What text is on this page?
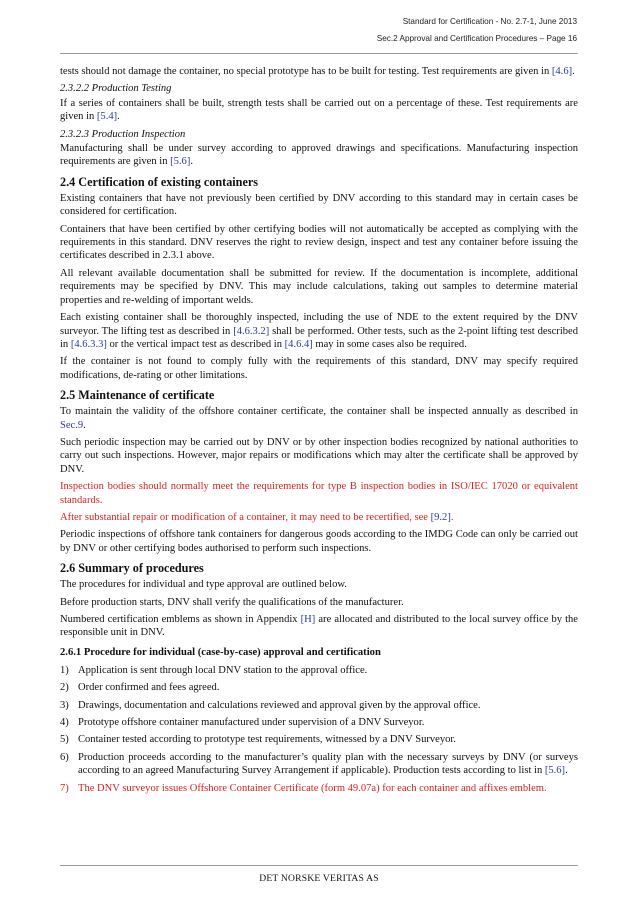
Standard for Certification - No. 2.7-1, June 2013
Sec.2 Approval and Certification Procedures – Page 16

tests should not damage the container, no special prototype has to be built for testing. Test requirements are given in [4.6].

2.3.2.2 Production Testing

If a series of containers shall be built, strength tests shall be carried out on a percentage of these. Test requirements are given in [5.4].

2.3.2.3 Production Inspection

Manufacturing shall be under survey according to approved drawings and specifications. Manufacturing inspection requirements are given in [5.6].

2.4 Certification of existing containers

Existing containers that have not previously been certified by DNV according to this standard may in certain cases be considered for certification.

Containers that have been certified by other certifying bodies will not automatically be accepted as complying with the requirements in this standard. DNV reserves the right to review design, inspect and test any container before issuing the certificates described in 2.3.1 above.

All relevant available documentation shall be submitted for review. If the documentation is incomplete, additional requirements may be specified by DNV. This may include calculations, taking out samples to determine material properties and re-welding of important welds.

Each existing container shall be thoroughly inspected, including the use of NDE to the extent required by the DNV surveyor. The lifting test as described in [4.6.3.2] shall be performed. Other tests, such as the 2-point lifting test described in [4.6.3.3] or the vertical impact test as described in [4.6.4] may in some cases also be required.

If the container is not found to comply fully with the requirements of this standard, DNV may specify required modifications, de-rating or other limitations.

2.5 Maintenance of certificate

To maintain the validity of the offshore container certificate, the container shall be inspected annually as described in Sec.9.

Such periodic inspection may be carried out by DNV or by other inspection bodies recognized by national authorities to carry out such inspections. However, major repairs or modifications which may alter the certificate shall be approved by DNV.

Inspection bodies should normally meet the requirements for type B inspection bodies in ISO/IEC 17020 or equivalent standards.

After substantial repair or modification of a container, it may need to be recertified, see [9.2].

Periodic inspections of offshore tank containers for dangerous goods according to the IMDG Code can only be carried out by DNV or other certifying bodes authorised to perform such inspections.

2.6 Summary of procedures

The procedures for individual and type approval are outlined below.

Before production starts, DNV shall verify the qualifications of the manufacturer.

Numbered certification emblems as shown in Appendix [H] are allocated and distributed to the local survey office by the responsible unit in DNV.

2.6.1 Procedure for individual (case-by-case) approval and certification
1) Application is sent through local DNV station to the approval office.
2) Order confirmed and fees agreed.
3) Drawings, documentation and calculations reviewed and approval given by the approval office.
4) Prototype offshore container manufactured under supervision of a DNV Surveyor.
5) Container tested according to prototype test requirements, witnessed by a DNV Surveyor.
6) Production proceeds according to the manufacturer’s quality plan with the necessary surveys by DNV (or surveys according to an agreed Manufacturing Survey Arrangement if applicable). Production tests according to list in [5.6].
7) The DNV surveyor issues Offshore Container Certificate (form 49.07a) for each container and affixes emblem.
DET NORSKE VERITAS AS
